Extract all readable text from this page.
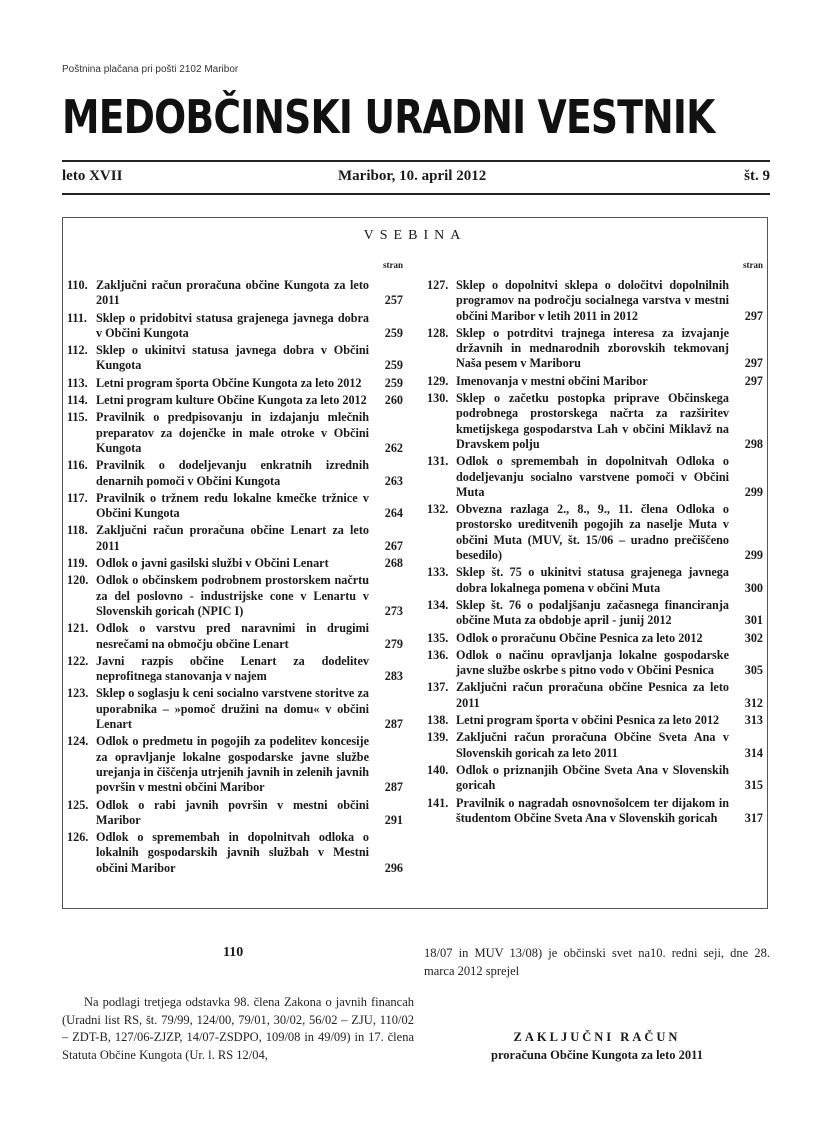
Poštnina plačana pri pošti 2102 Maribor
MEDOBČINSKI URADNI VESTNIK
leto XVII	Maribor, 10. april 2012	št. 9
VSEBINA
stran
110. Zaključni račun proračuna občine Kungota za leto 2011	257
111. Sklep o pridobitvi statusa grajenega javnega dobra v Občini Kungota	259
112. Sklep o ukinitvi statusa javnega dobra v Občini Kungota	259
113. Letni program športa Občine Kungota za leto 2012	259
114. Letni program kulture Občine Kungota za leto 2012 260
115. Pravilnik o predpisovanju in izdajanju mlečnih preparatov za dojenčke in male otroke v Občini Kungota	262
116. Pravilnik o dodeljevanju enkratnih izrednih denarnih pomoči v Občini Kungota	263
117. Pravilnik o tržnem redu lokalne kmečke tržnice v Občini Kungota	264
118. Zaključni račun proračuna občine Lenart za leto 2011	267
119. Odlok o javni gasilski službi v Občini Lenart	268
120. Odlok o občinskem podrobnem prostorskem načrtu za del poslovno - industrijske cone v Lenartu v Slovenskih goricah (NPIC I)	273
121. Odlok o varstvu pred naravnimi in drugimi nesrečami na območju občine Lenart	279
122. Javni razpis občine Lenart za dodelitev neprofitnega stanovanja v najem	283
123. Sklep o soglasju k ceni socialno varstvene storitve za uporabnika – »pomoč družini na domu« v občini Lenart	287
124. Odlok o predmetu in pogojih za podelitev koncesije za opravljanje lokalne gospodarske javne službe urejanja in čiščenja utrjenih javnih in zelenih javnih površin v mestni občini Maribor	287
125. Odlok o rabi javnih površin v mestni občini Maribor	291
126. Odlok o spremembah in dopolnitvah odloka o lokalnih gospodarskih javnih službah v Mestni občini Maribor	296
stran
127. Sklep o dopolnitvi sklepa o določitvi dopolnilnih programov na področju socialnega varstva v mestni občini Maribor v letih 2011 in 2012	297
128. Sklep o potrditvi trajnega interesa za izvajanje državnih in mednarodnih zborovskih tekmovanj Naša pesem v Mariboru	297
129. Imenovanja v mestni občini Maribor	297
130. Sklep o začetku postopka priprave Občinskega podrobnega prostorskega načrta za razširitev kmetijskega gospodarstva Lah v občini Miklavž na Dravskem polju	298
131. Odlok o spremembah in dopolnitvah Odloka o dodeljevanju socialno varstvene pomoči v Občini Muta	299
132. Obvezna razlaga 2., 8., 9., 11. člena Odloka o prostorsko ureditvenih pogojih za naselje Muta v občini Muta (MUV, št. 15/06 – uradno prečiščeno besedilo)	299
133. Sklep št. 75 o ukinitvi statusa grajenega javnega dobra lokalnega pomena v občini Muta	300
134. Sklep št. 76 o podaljšanju začasnega financiranja občine Muta za obdobje april - junij 2012	301
135. Odlok o proračunu Občine Pesnica za leto 2012	302
136. Odlok o načinu opravljanja lokalne gospodarske javne službe oskrbe s pitno vodo v Občini Pesnica	305
137. Zaključni račun proračuna občine Pesnica za leto 2011	312
138. Letni program športa v občini Pesnica za leto 2012	313
139. Zaključni račun proračuna Občine Sveta Ana v Slovenskih goricah za leto 2011	314
140. Odlok o priznanjih Občine Sveta Ana v Slovenskih goricah	315
141. Pravilnik o nagradah osnovnošolcem ter dijakom in študentom Občine Sveta Ana v Slovenskih goricah	317
110
Na podlagi tretjega odstavka 98. člena Zakona o javnih financah (Uradni list RS, št. 79/99, 124/00, 79/01, 30/02, 56/02 – ZJU, 110/02 – ZDT-B, 127/06-ZJZP, 14/07-ZSDPO, 109/08 in 49/09) in 17. člena Statuta Občine Kungota (Ur. l. RS 12/04,
18/07 in MUV 13/08) je občinski svet na10. redni seji, dne 28. marca 2012 sprejel
ZAKLJUČNI RAČUN
proračuna Občine Kungota za leto 2011
